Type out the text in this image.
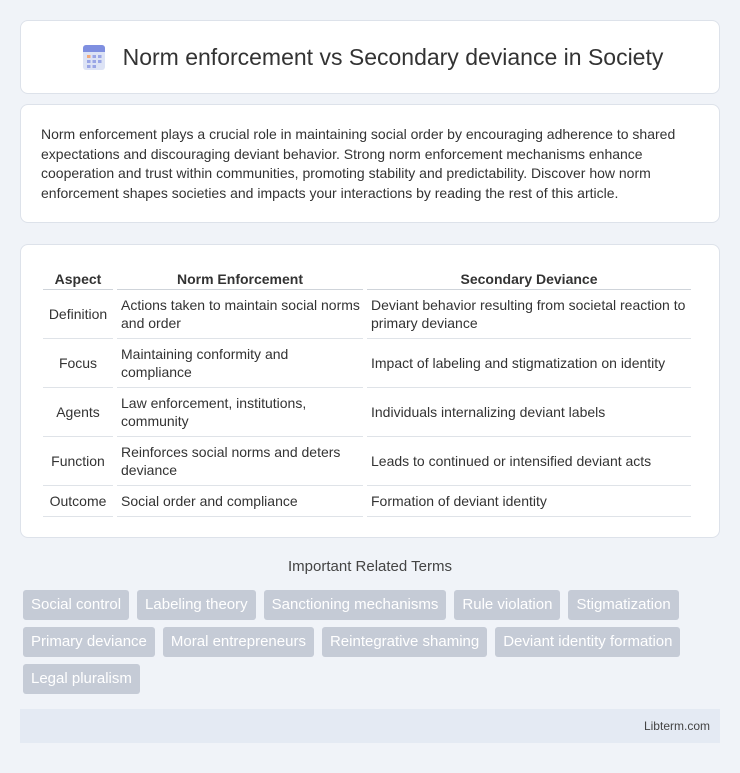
Norm enforcement vs Secondary deviance in Society

Norm enforcement plays a crucial role in maintaining social order by encouraging adherence to shared expectations and discouraging deviant behavior. Strong norm enforcement mechanisms enhance cooperation and trust within communities, promoting stability and predictability. Discover how norm enforcement shapes societies and impacts your interactions by reading the rest of this article.

Aspect	Norm Enforcement	Secondary Deviance
Definition	Actions taken to maintain social norms and order	Deviant behavior resulting from societal reaction to primary deviance
Focus	Maintaining conformity and compliance	Impact of labeling and stigmatization on identity
Agents	Law enforcement, institutions, community	Individuals internalizing deviant labels
Function	Reinforces social norms and deters deviance	Leads to continued or intensified deviant acts
Outcome	Social order and compliance	Formation of deviant identity
Important Related Terms
Social control	Labeling theory	Sanctioning mechanisms	Rule violation	Stigmatization
Primary deviance	Moral entrepreneurs	Reintegrative shaming	Deviant identity formation
Legal pluralism
Libterm.com
